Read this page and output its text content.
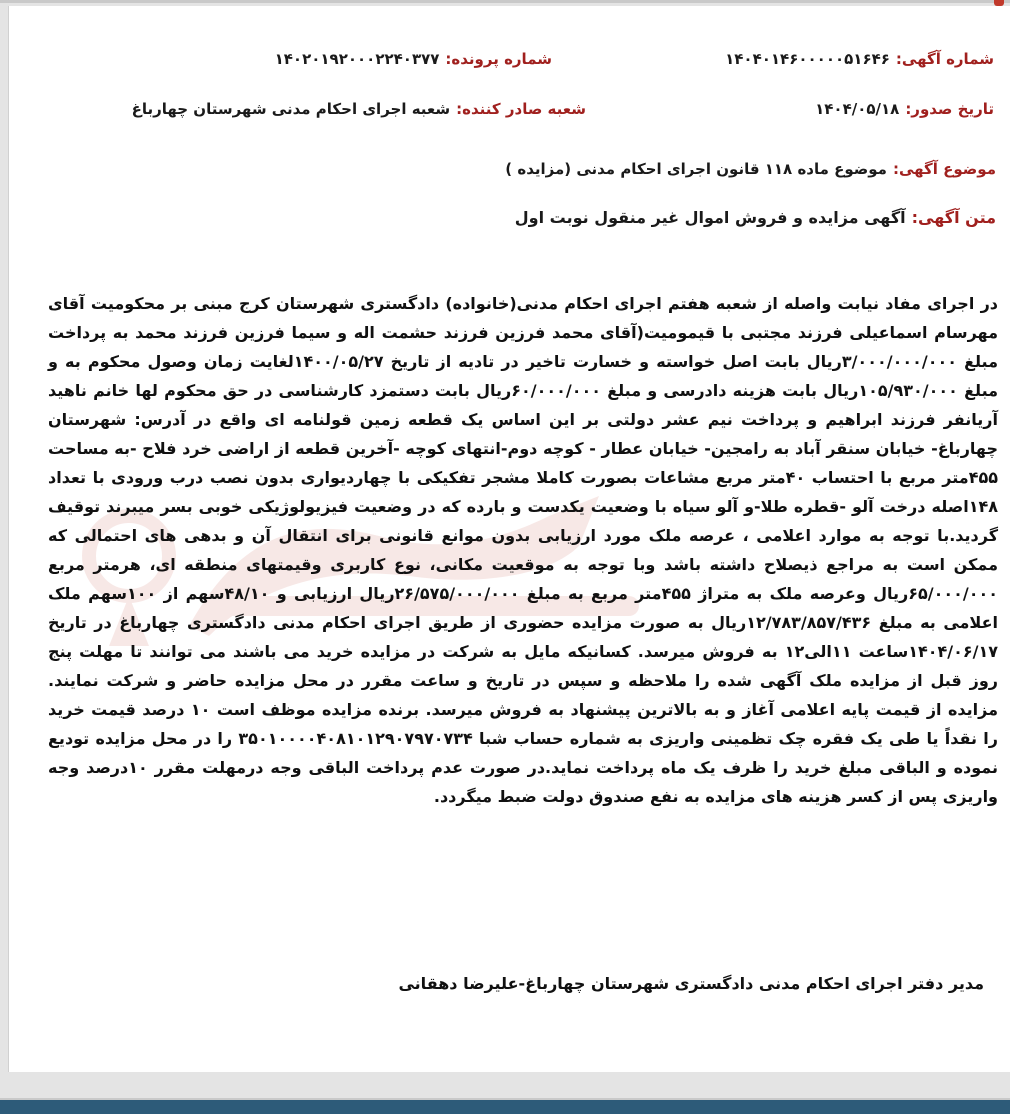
شماره آگهی:۱۴۰۴۰۱۴۶۰۰۰۰۰۵۱۶۴۶
شماره پرونده:۱۴۰۲۰۱۹۲۰۰۰۲۲۴۰۳۷۷
تاریخ صدور:۱۴۰۴/۰۵/۱۸
شعبه صادر کننده:شعبه اجرای احکام مدنی شهرستان چهارباغ
موضوع آگهی:موضوع ماده ۱۱۸ قانون اجرای احکام مدنی (مزایده )
متن آگهی:آگهی مزایده و فروش اموال غیر منقول نوبت اول
در اجرای مفاد نیابت واصله از شعبه هفتم اجرای احکام مدنی(خانواده) دادگستری شهرستان کرج مبنی بر محکومیت آقای مهرسام اسماعیلی فرزند مجتبی با قیمومیت(آقای محمد فرزین فرزند حشمت اله و سیما فرزین فرزند محمد به پرداخت مبلغ ۳/۰۰۰/۰۰۰/۰۰۰ریال بابت اصل خواسته و خسارت تاخیر در تادیه از تاریخ ۱۴۰۰/۰۵/۲۷لغایت زمان وصول محکوم به و مبلغ ۱۰۵/۹۳۰/۰۰۰ریال بابت هزینه دادرسی و مبلغ ۶۰/۰۰۰/۰۰۰ریال بابت دستمزد کارشناسی در حق محکوم لها خانم ناهید آریانفر فرزند ابراهیم و پرداخت نیم عشر دولتی بر این اساس یک قطعه زمین قولنامه ای واقع در آدرس: شهرستان چهارباغ- خیابان سنقر آباد به رامجین- خیابان عطار - کوچه دوم-انتهای کوچه -آخرین قطعه از اراضی خرد فلاح -به مساحت ۴۵۵متر مربع با احتساب ۴۰متر مربع مشاعات بصورت کاملا مشجر تفکیکی با چهاردیواری بدون نصب درب ورودی با تعداد ۱۴۸اصله درخت آلو -قطره طلا-و آلو سیاه با وضعیت یکدست و بارده که در وضعیت فیزیولوژیکی خوبی بسر میبرند توقیف گردید.با توجه به موارد اعلامی ، عرصه ملک مورد ارزیابی بدون موانع قانونی برای انتقال آن و بدهی های احتمالی که ممکن است به مراجع ذیصلاح داشته باشد وبا توجه به موقعیت مکانی، نوع کاربری وقیمتهای منطقه ای، هرمتر مربع ۶۵/۰۰۰/۰۰۰ریال وعرصه ملک به متراژ ۴۵۵متر مربع به مبلغ ۲۶/۵۷۵/۰۰۰/۰۰۰ریال ارزیابی و ۴۸/۱۰سهم از ۱۰۰سهم ملک اعلامی به مبلغ ۱۲/۷۸۳/۸۵۷/۴۳۶ریال به صورت مزایده حضوری از طریق اجرای احکام مدنی دادگستری چهارباغ در تاریخ ۱۴۰۴/۰۶/۱۷ساعت ۱۱الی۱۲ به فروش میرسد. کسانیکه مایل به شرکت در مزایده خرید می باشند می توانند تا مهلت پنج روز قبل از مزایده ملک آگهی شده را ملاحظه و سپس در تاریخ و ساعت مقرر در محل مزایده حاضر و شرکت نمایند. مزایده از قیمت پایه اعلامی آغاز و به بالاترین پیشنهاد به فروش میرسد. برنده مزایده موظف است ۱۰ درصد قیمت خرید را نقداً یا طی یک فقره چک تظمینی واریزی به شماره حساب شبا ۳۵۰۱۰۰۰۰۴۰۸۱۰۱۲۹۰۷۹۷۰۷۳۴ را در محل مزایده تودیع نموده و الباقی مبلغ خرید را ظرف یک ماه پرداخت نماید.در صورت عدم پرداخت الباقی وجه درمهلت مقرر ۱۰درصد وجه واریزی پس از کسر هزینه های مزایده به نفع صندوق دولت ضبط میگردد.
مدیر دفتر اجرای احکام مدنی دادگستری شهرستان چهارباغ-علیرضا دهقانی
